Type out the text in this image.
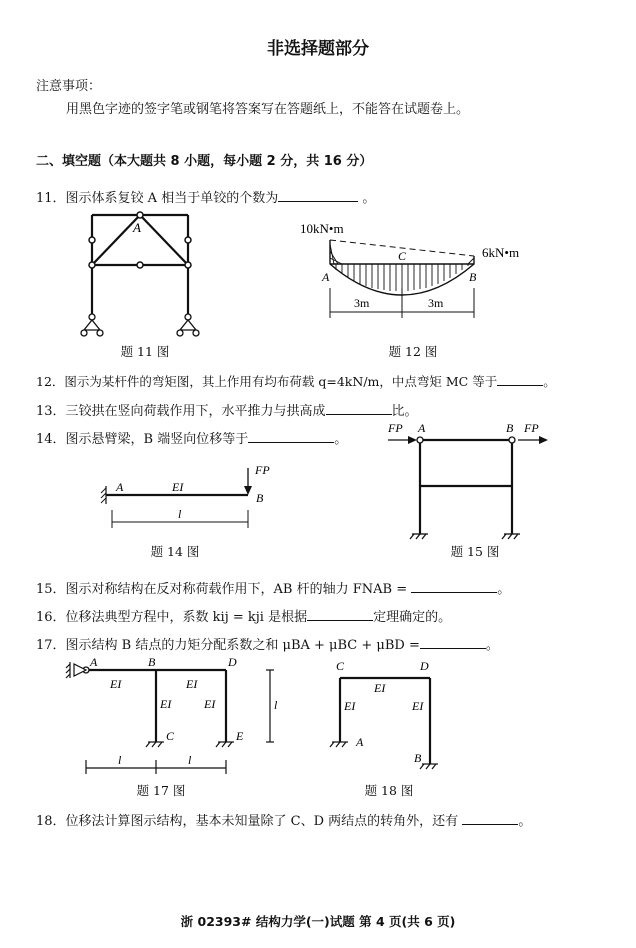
非选择题部分
注意事项：
用黑色字迹的签字笔或钢笔将答案写在答题纸上，不能答在试题卷上。
二、填空题（本大题共 8 小题，每小题 2 分，共 16 分）
11．图示体系复铰 A 相当于单铰的个数为	。
A
题 11 图
10kN•m
6kN•m
A
C
B
3m	3m
题 12 图
12．图示为某杆件的弯矩图，其上作用有均布荷载 q=4kN/m，中点弯矩 MC 等于	。
13．三铰拱在竖向荷载作用下，水平推力与拱高成	比。
14．图示悬臂梁，B 端竖向位移等于	。
FP
A	EI
B
l
题 14 图
FP A	B FP
题 15 图
15．图示对称结构在反对称荷载作用下，AB 杆的轴力 FNAB =	。
16．位移法典型方程中，系数 kij = kji 是根据	定理确定的。
17．图示结构 B 结点的力矩分配系数之和 μBA + μBC + μBD =	。
A	B	D
EI	EI
EI	EI
C	E
l
l	l
题 17 图
C	D
EI
EI	EI
A
B
题 18 图
18．位移法计算图示结构，基本未知量除了 C、D 两结点的转角外，还有	。
浙 02393# 结构力学(一)试题 第 4 页(共 6 页)
